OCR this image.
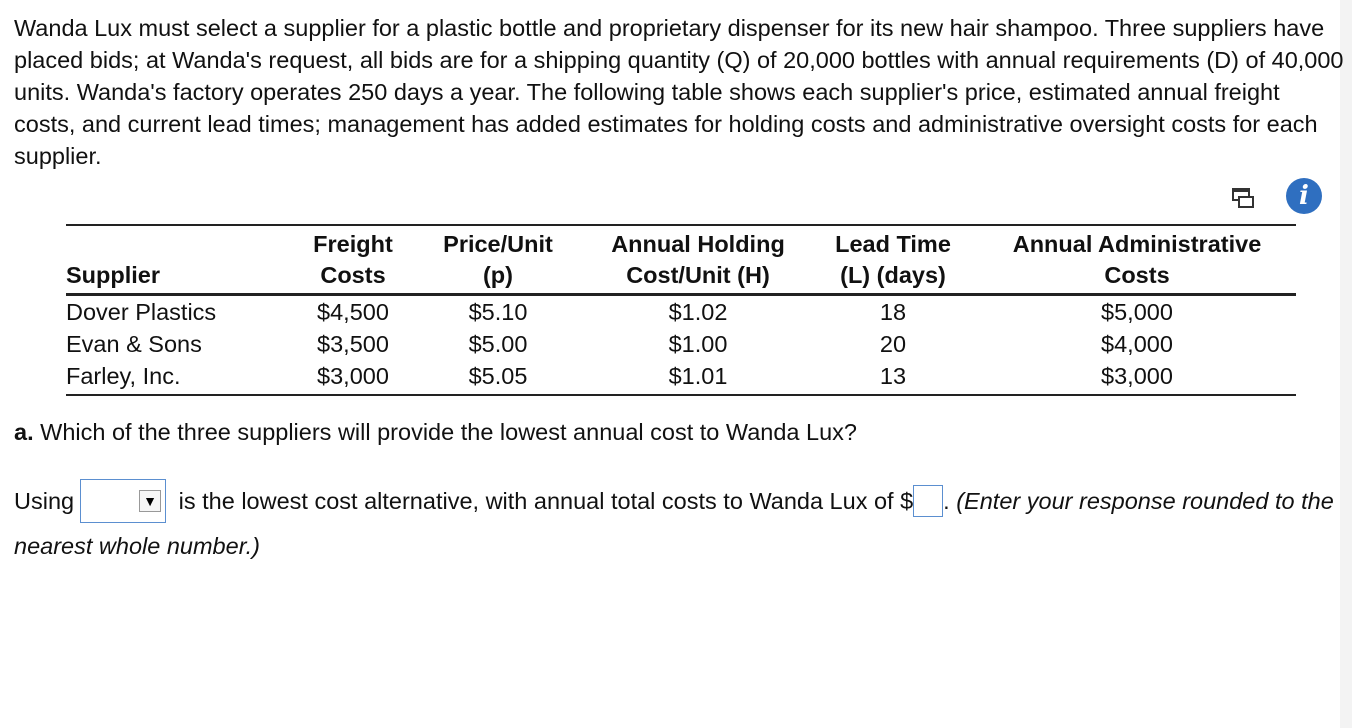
Wanda Lux must select a supplier for a plastic bottle and proprietary dispenser for its new hair shampoo. Three suppliers have placed bids; at Wanda's request, all bids are for a shipping quantity (Q) of 20,000 bottles with annual requirements (D) of 40,000 units. Wanda's factory operates 250 days a year. The following table shows each supplier's price, estimated annual freight costs, and current lead times; management has added estimates for holding costs and administrative oversight costs for each supplier.

i
	Freight	Price/Unit	Annual Holding	Lead Time	Annual Administrative
Supplier	Costs	(p)	Cost/Unit (H)	(L) (days)	Costs
Dover Plastics	$4,500	$5.10	$1.02	18	$5,000
Evan & Sons	$3,500	$5.00	$1.00	20	$4,000
Farley, Inc.	$3,000	$5.05	$1.01	13	$3,000

a. Which of the three suppliers will provide the lowest annual cost to Wanda Lux?

Using	▼ is the lowest cost alternative, with annual total costs to Wanda Lux of $ . (Enter your response rounded to the nearest whole number.)
